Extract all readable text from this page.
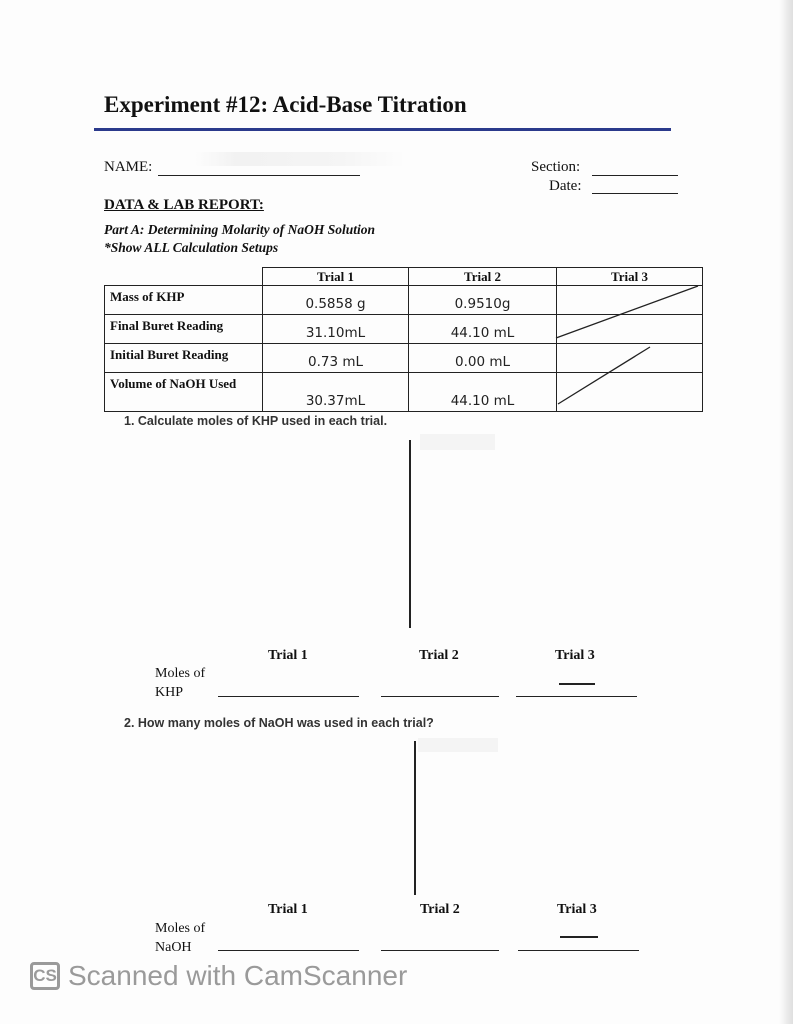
Experiment #12: Acid-Base Titration
NAME:	Section:
Date:
DATA & LAB REPORT:
Part A: Determining Molarity of NaOH Solution
*Show ALL Calculation Setups
	Trial 1	Trial 2	Trial 3
Mass of KHP	0.5858 g	0.9510g	
Final Buret Reading	31.10mL	44.10 mL	
Initial Buret Reading	0.73 mL	0.00 mL	
Volume of NaOH Used	30.37mL	44.10 mL	
1. Calculate moles of KHP used in each trial.
Trial 1	Trial 2	Trial 3
Moles of
KHP
2. How many moles of NaOH was used in each trial?
Trial 1	Trial 2	Trial 3
Moles of
NaOH
CS Scanned with CamScanner
